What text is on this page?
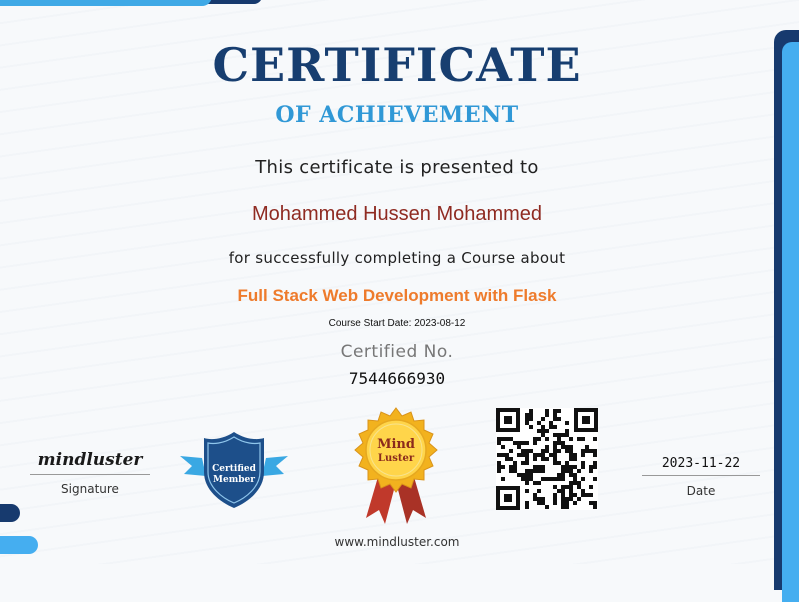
CERTIFICATE
OF ACHIEVEMENT
This certificate is presented to
Mohammed Hussen Mohammed
for successfully completing a Course about
Full Stack Web Development with Flask
Course Start Date: 2023-08-12
Certified No.
7544666930
mindluster
Signature
Certified
Member
Mind
Luster	2023-11-22
Date
www.mindluster.com
